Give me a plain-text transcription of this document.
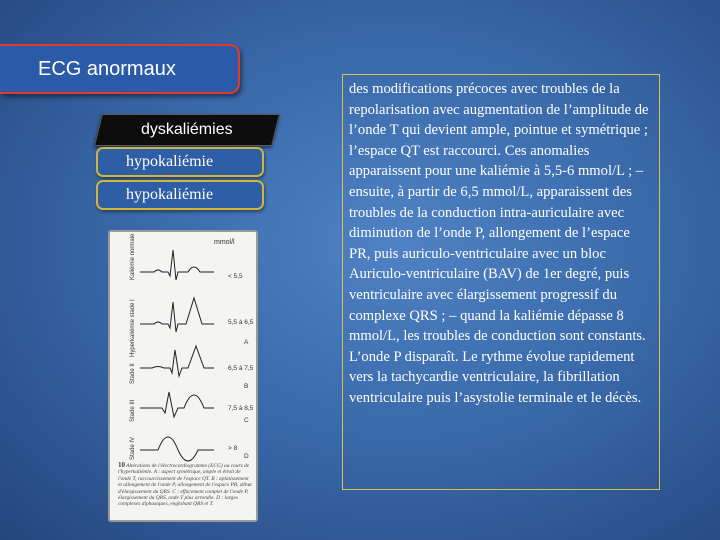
ECG anormaux
dyskaliémies
hypokaliémie
hypokaliémie
mmol/l
Kaliémie normale
Hyperkaliémie stade I
Stade II
Stade III
Stade IV
< 5,5
5,5 à 6,5
A
6,5 à 7,5
B
7,5 à 8,5
C
> 8
D
10 Altérations de l'électrocardiogramme (ECG) au cours de l'hyperkaliémie. A : aspect symétrique, ample et étroit de l'onde T, raccourcissement de l'espace QT. B : aplatissement et allongement de l'onde P, allongement de l'espace PR, début d'élargissement du QRS. C : effacement complet de l'onde P, élargissement du QRS, onde T plus arrondie. D : larges complexes diphasiques, englobant QRS et T.
des modifications précoces avec troubles de la repolarisation avec augmentation de l’amplitude de l’onde T qui devient ample, pointue et symétrique ; l’espace QT est raccourci. Ces anomalies apparaissent pour une kaliémie à 5,5-6 mmol/L ; – ensuite, à partir de 6,5 mmol/L, apparaissent des troubles de la conduction intra-auriculaire avec diminution de l’onde P, allongement de l’espace PR, puis auriculo-ventriculaire avec un bloc Auriculo-ventriculaire (BAV) de 1er degré, puis ventriculaire avec élargissement progressif du complexe QRS ; – quand la kaliémie dépasse 8 mmol/L, les troubles de conduction sont constants. L’onde P disparaît. Le rythme évolue rapidement vers la tachycardie ventriculaire, la fibrillation ventriculaire puis l’asystolie terminale et le décès.
